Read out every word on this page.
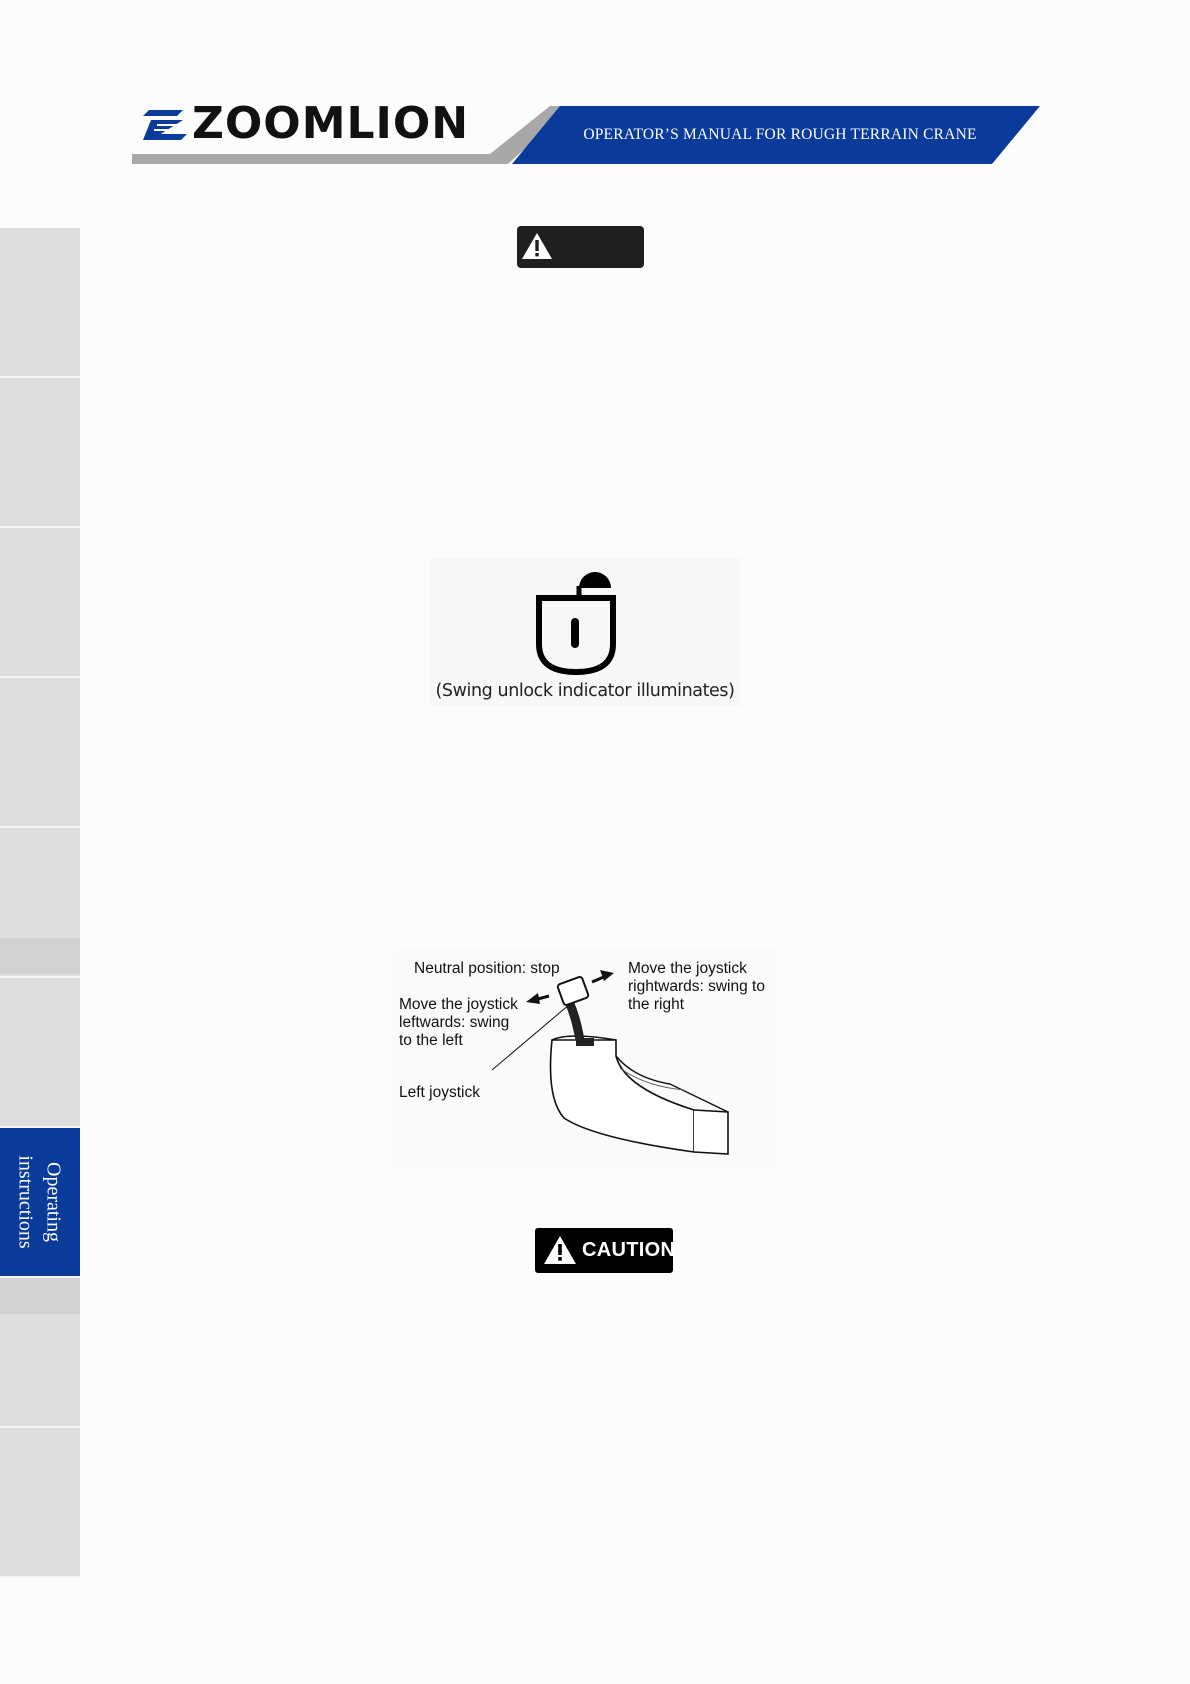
ZOOMLION	OPERATOR’S MANUAL FOR ROUGH TERRAIN CRANE
Operating
instructions
(Swing unlock indicator illuminates)
Neutral position: stop	Move the joystick
rightwards: swing to
the right
Move the joystick
leftwards: swing
to the left
Left joystick
CAUTION
